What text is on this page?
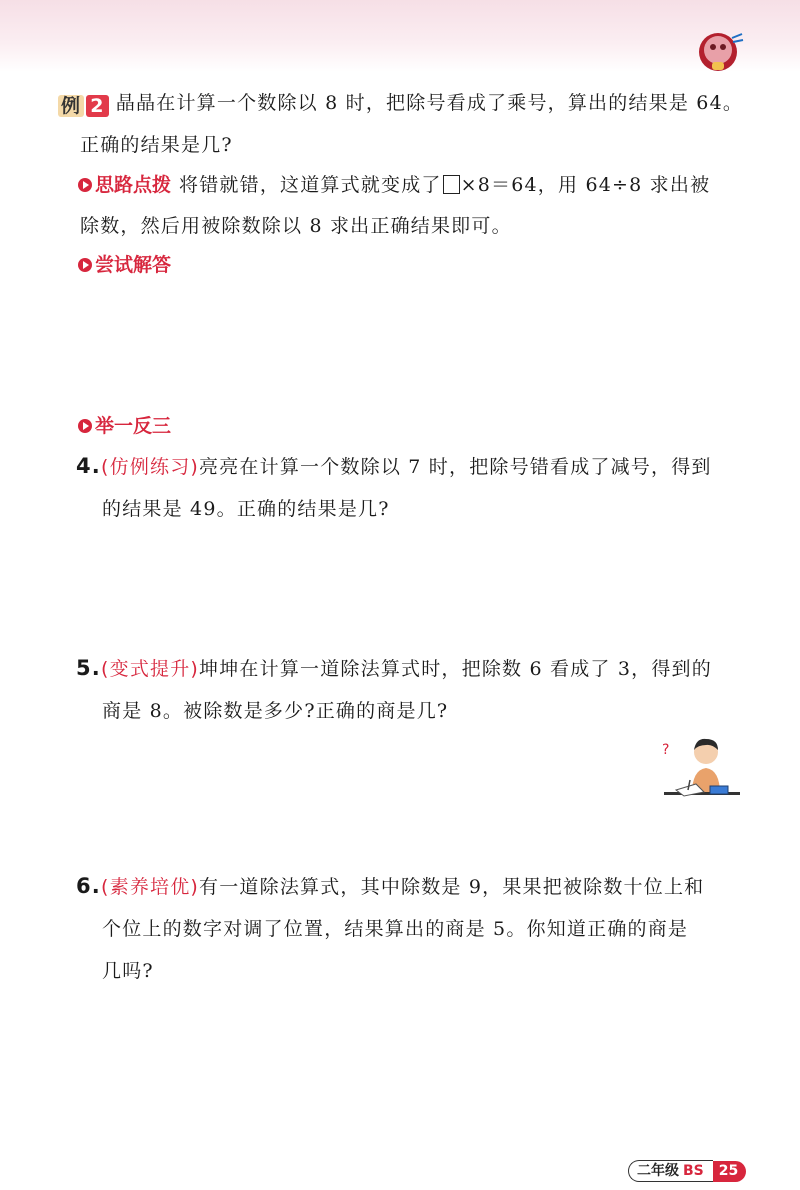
例 2 晶晶在计算一个数除以 8 时，把除号看成了乘号，算出的结果是 64。
正确的结果是几?
思路点拨 将错就错，这道算式就变成了 ×8＝64，用 64÷8 求出被
除数，然后用被除数除以 8 求出正确结果即可。
尝试解答
举一反三
4.(仿例练习)亮亮在计算一个数除以 7 时，把除号错看成了减号，得到
的结果是 49。正确的结果是几?
5.(变式提升)坤坤在计算一道除法算式时，把除数 6 看成了 3，得到的
商是 8。被除数是多少?正确的商是几?
?
6.(素养培优)有一道除法算式，其中除数是 9，果果把被除数十位上和
个位上的数字对调了位置，结果算出的商是 5。你知道正确的商是
几吗?
二年级 BS	25
